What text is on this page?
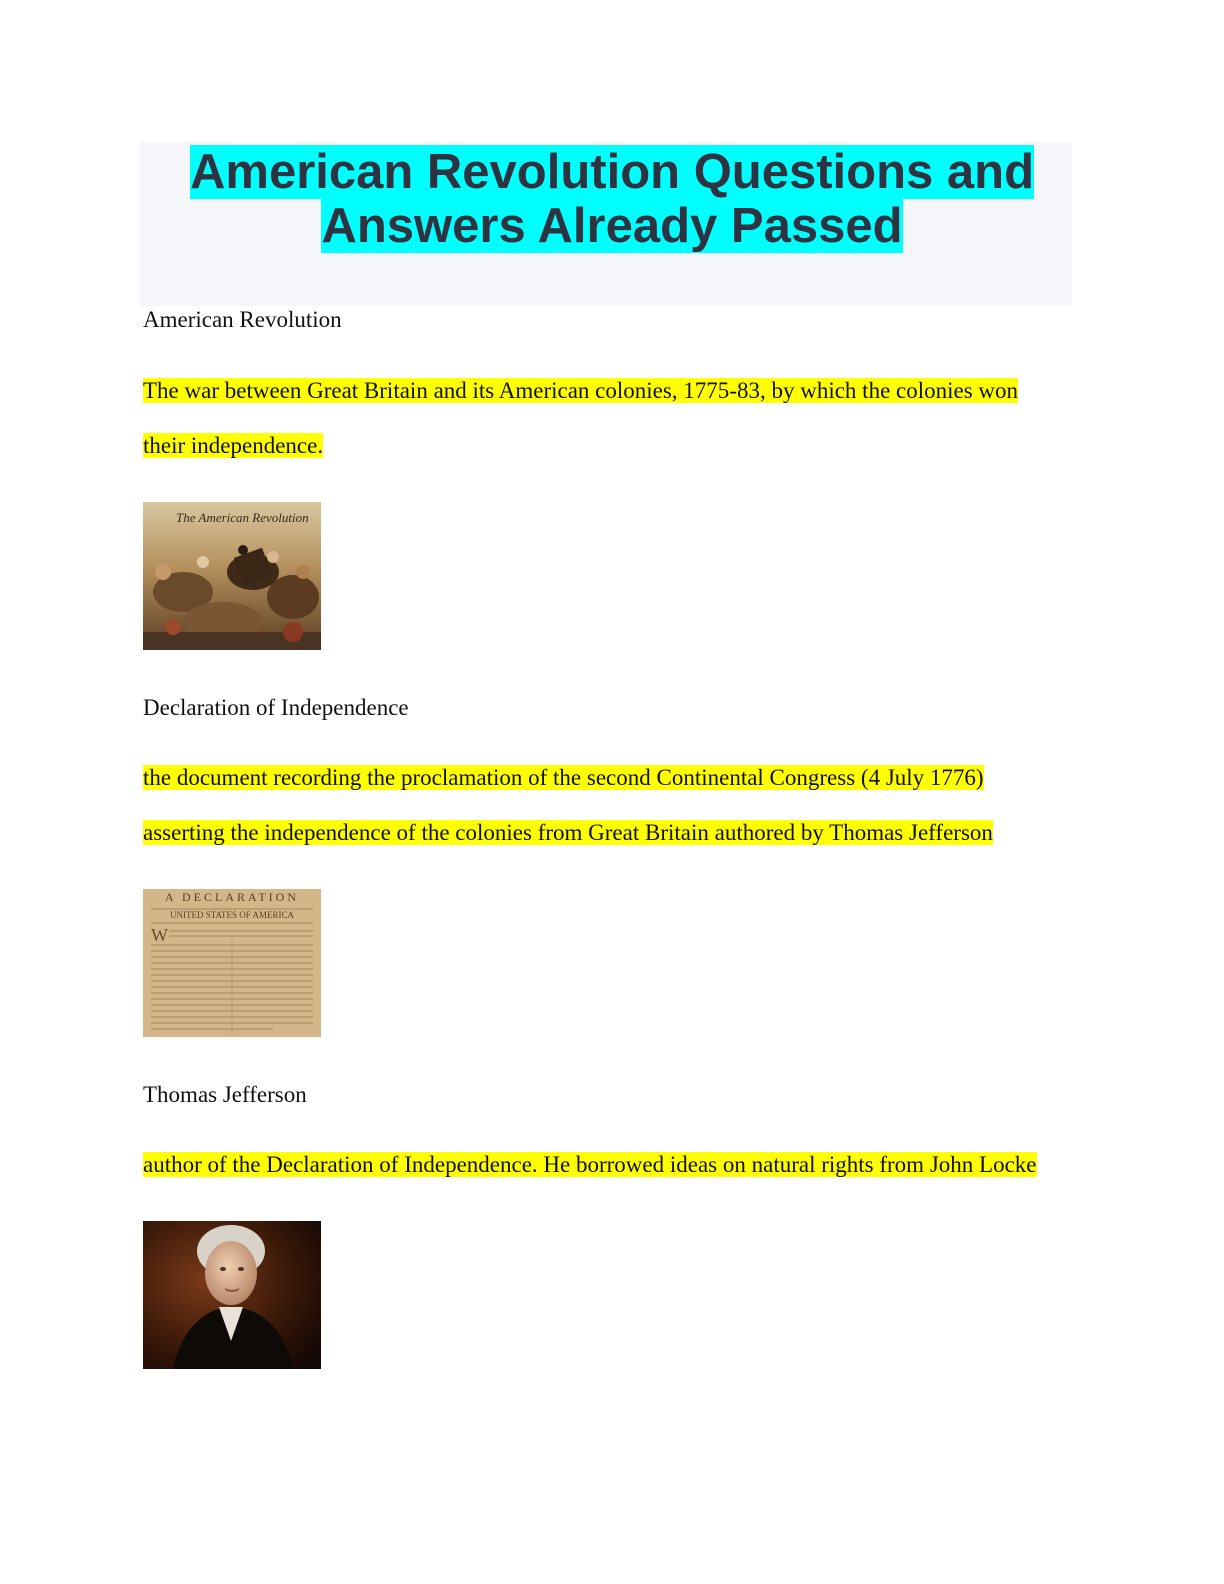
American Revolution Questions and
Answers Already Passed
American Revolution
The war between Great Britain and its American colonies, 1775-83, by which the colonies won
their independence.
The American Revolution
Declaration of Independence
the document recording the proclamation of the second Continental Congress (4 July 1776)
asserting the independence of the colonies from Great Britain authored by Thomas Jefferson
A DECLARATION
UNITED STATES OF AMERICA
W
Thomas Jefferson
author of the Declaration of Independence. He borrowed ideas on natural rights from John Locke
